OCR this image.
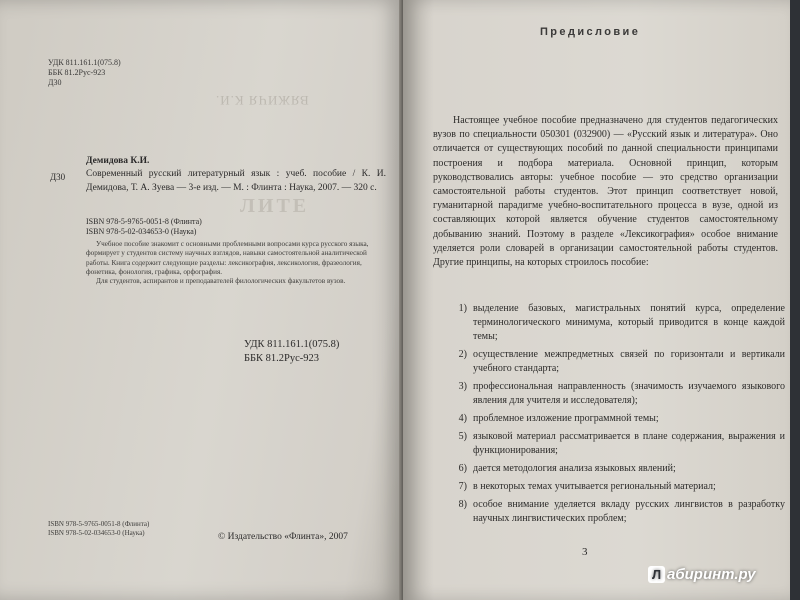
УДК 811.161.1(075.8)
ББК 81.2Рус-923
Д30
ВЯЖИЧЯ К.И.
ЛИТЕ
Д30
Демидова К.И.
Современный русский литературный язык : учеб. пособие / К. И. Демидова, Т. А. Зуева — 3-е изд. — М. : Флинта : Наука, 2007. — 320 с.
ISBN 978-5-9765-0051-8 (Флинта)
ISBN 978-5-02-034653-0 (Наука)

Учебное пособие знакомит с основными проблемными вопросами курса русского языка, формирует у студентов систему научных взглядов, навыки самостоятельной аналитической работы. Книга содержит следующие разделы: лексикография, лексикология, фразеология, фонетика, фонология, графика, орфография.

Для студентов, аспирантов и преподавателей филологических факультетов вузов.

УДК 811.161.1(075.8)
ББК 81.2Рус-923
ISBN 978-5-9765-0051-8 (Флинта)
ISBN 978-5-02-034653-0 (Наука)	© Издательство «Флинта», 2007
Предисловие
Настоящее учебное пособие предназначено для студентов педагогических вузов по специальности 050301 (032900) — «Русский язык и литература». Оно отличается от существующих пособий по данной специальности принципами построения и подбора материала. Основной принцип, которым руководствовались авторы: учебное пособие — это средство организации самостоятельной работы студентов. Этот принцип соответствует новой, гуманитарной парадигме учебно-воспитательного процесса в вузе, одной из составляющих которой является обучение студентов самостоятельному добыванию знаний. Поэтому в разделе «Лексикография» особое внимание уделяется роли словарей в организации самостоятельной работы студентов. Другие принципы, на которых строилось пособие:
1) выделение базовых, магистральных понятий курса, определение терминологического минимума, который приводится в конце каждой темы;
2) осуществление межпредметных связей по горизонтали и вертикали учебного стандарта;
3) профессиональная направленность (значимость изучаемого языкового явления для учителя и исследователя);
4) проблемное изложение программной темы;
5) языковой материал рассматривается в плане содержания, выражения и функционирования;
6) дается методология анализа языковых явлений;
7) в некоторых темах учитывается региональный материал;
8) особое внимание уделяется вкладу русских лингвистов в разработку научных лингвистических проблем;
3
Л абиринт.ру
